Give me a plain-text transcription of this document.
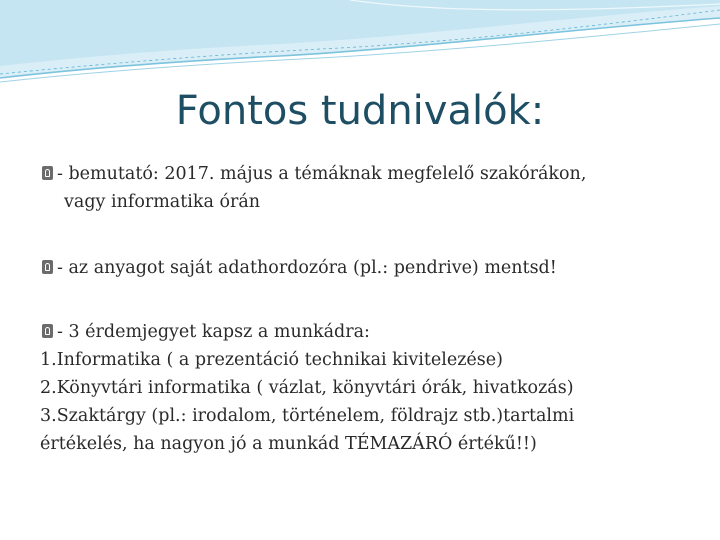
Fontos tudnivalók:
- bemutató: 2017. május a témáknak megfelelő szakórákon,
vagy informatika órán
- az anyagot saját adathordozóra (pl.: pendrive) mentsd!
- 3 érdemjegyet kapsz a munkádra:
1.Informatika ( a prezentáció technikai kivitelezése)
2.Könyvtári informatika ( vázlat, könyvtári órák, hivatkozás)
3.Szaktárgy (pl.: irodalom, történelem, földrajz stb.)tartalmi
értékelés, ha nagyon jó a munkád TÉMAZÁRÓ értékű!!)
